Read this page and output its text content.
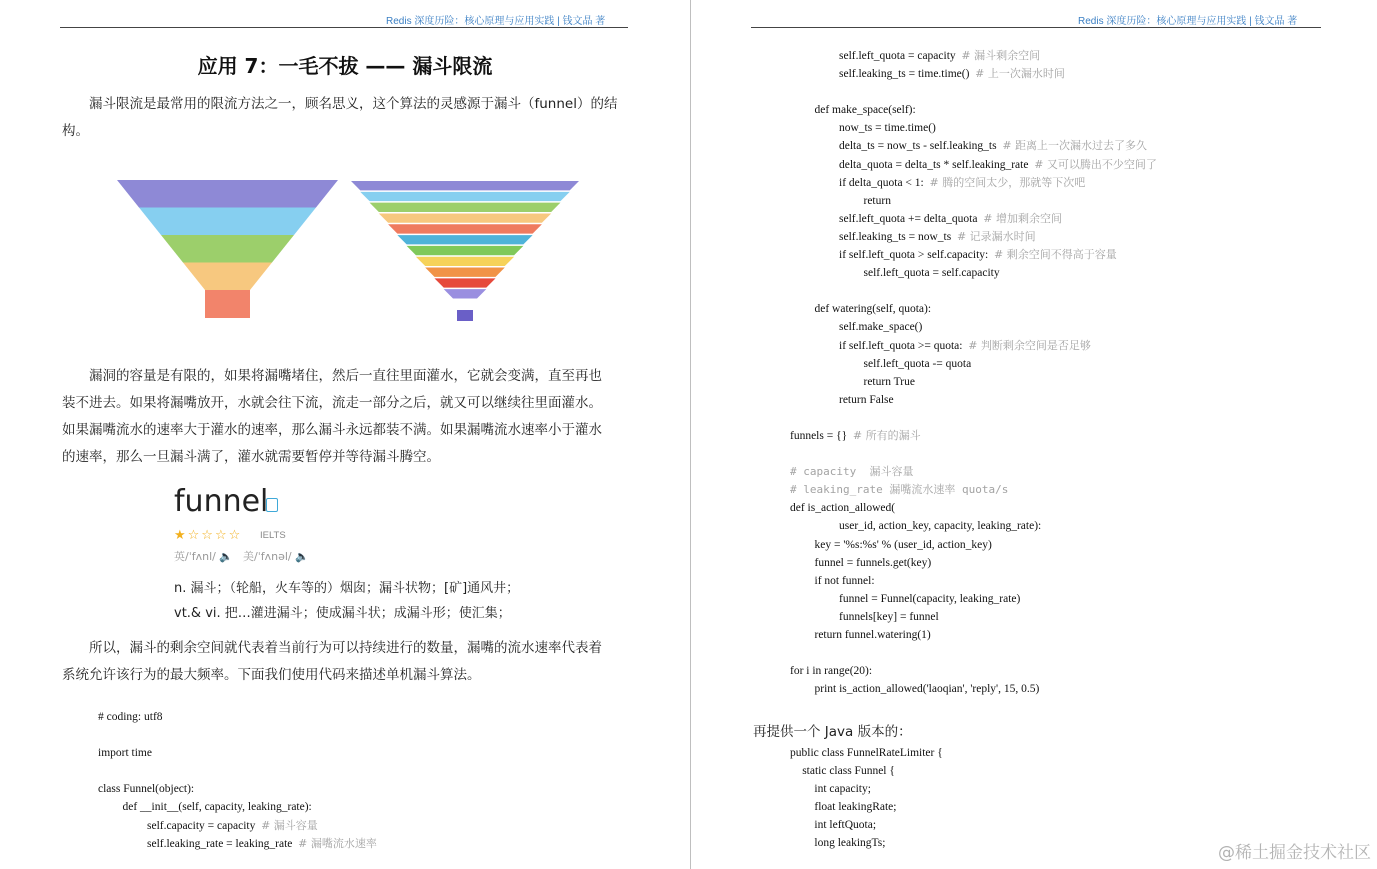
Redis 深度历险：核心原理与应用实践 | 钱文晶 著
应用 7：一毛不拔 —— 漏斗限流
漏斗限流是最常用的限流方法之一，顾名思义，这个算法的灵感源于漏斗（funnel）的结
构。
漏洞的容量是有限的，如果将漏嘴堵住，然后一直往里面灌水，它就会变满，直至再也
装不进去。如果将漏嘴放开，水就会往下流，流走一部分之后，就又可以继续往里面灌水。
如果漏嘴流水的速率大于灌水的速率，那么漏斗永远都装不满。如果漏嘴流水速率小于灌水
的速率，那么一旦漏斗满了，灌水就需要暂停并等待漏斗腾空。
funnel
★☆☆☆☆ IELTS
英/ˈfʌnl/ 🔈 美/ˈfʌnəl/ 🔈
n. 漏斗；（轮船，火车等的）烟囱；漏斗状物；[矿]通风井；
vt.& vi. 把…灌进漏斗；使成漏斗状；成漏斗形；使汇集；
所以，漏斗的剩余空间就代表着当前行为可以持续进行的数量，漏嘴的流水速率代表着
系统允许该行为的最大频率。下面我们使用代码来描述单机漏斗算法。
# coding: utf8
import time
class Funnel(object):
def __init__(self, capacity, leaking_rate):
self.capacity = capacity  # 漏斗容量
self.leaking_rate = leaking_rate  # 漏嘴流水速率
Redis 深度历险：核心原理与应用实践 | 钱文晶 著
self.left_quota = capacity  # 漏斗剩余空间
self.leaking_ts = time.time()  # 上一次漏水时间
def make_space(self):
now_ts = time.time()
delta_ts = now_ts - self.leaking_ts  # 距离上一次漏水过去了多久
delta_quota = delta_ts * self.leaking_rate  # 又可以腾出不少空间了
if delta_quota < 1:  # 腾的空间太少，那就等下次吧
return
self.left_quota += delta_quota  # 增加剩余空间
self.leaking_ts = now_ts  # 记录漏水时间
if self.left_quota > self.capacity:  # 剩余空间不得高于容量
self.left_quota = self.capacity
def watering(self, quota):
self.make_space()
if self.left_quota >= quota:  # 判断剩余空间是否足够
self.left_quota -= quota
return True
return False
funnels = {}  # 所有的漏斗
# capacity  漏斗容量
# leaking_rate 漏嘴流水速率 quota/s
def is_action_allowed(
user_id, action_key, capacity, leaking_rate):
key = '%s:%s' % (user_id, action_key)
funnel = funnels.get(key)
if not funnel:
funnel = Funnel(capacity, leaking_rate)
funnels[key] = funnel
return funnel.watering(1)
for i in range(20):
print is_action_allowed('laoqian', 'reply', 15, 0.5)
再提供一个 Java 版本的：
public class FunnelRateLimiter {
static class Funnel {
int capacity;
float leakingRate;
int leftQuota;
long leakingTs;	@稀土掘金技术社区
